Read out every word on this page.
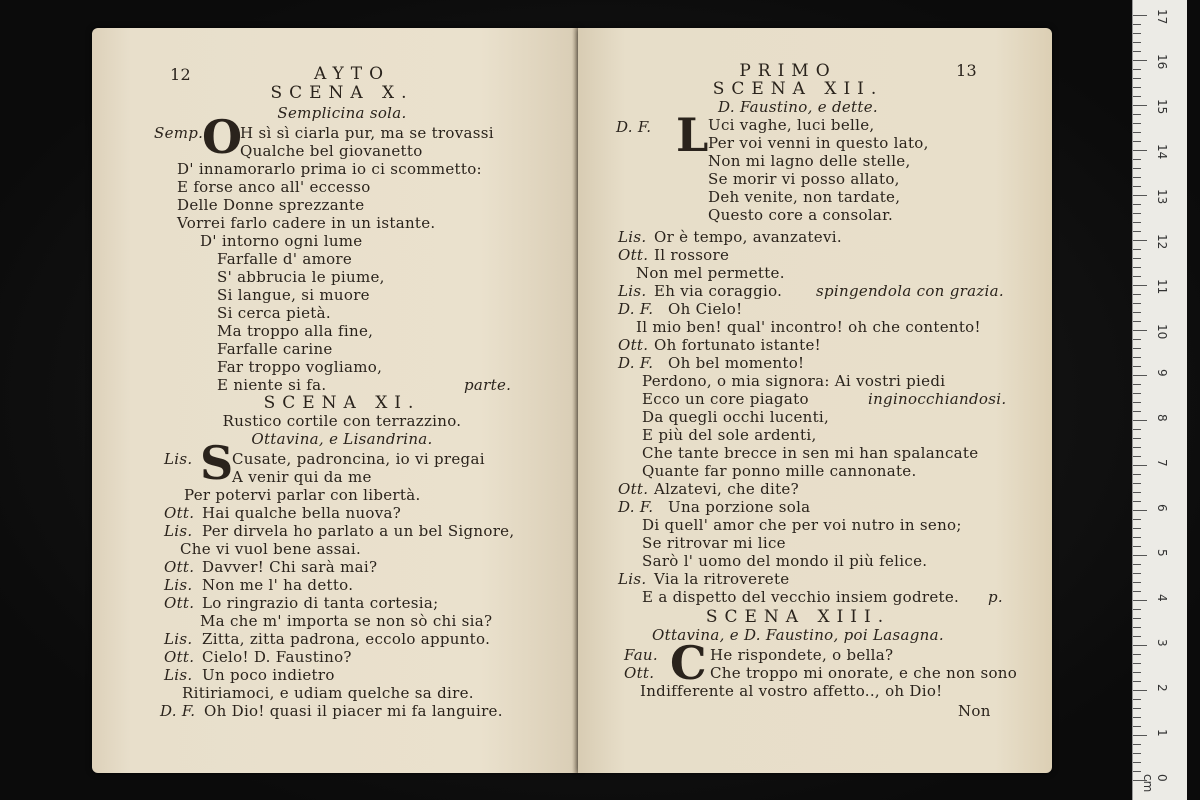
12	AYTO
SCENA X.
Semplicina sola.
Semp.
O
H sì sì ciarla pur, ma se trovassi
Qualche bel giovanetto
D' innamorarlo prima io ci scommetto:
E forse anco all' eccesso
Delle Donne sprezzante
Vorrei farlo cadere in un istante.
D' intorno ogni lume
Farfalle d' amore
S' abbrucia le piume,
Si langue, si muore
Si cerca pietà.
Ma troppo alla fine,
Farfalle carine
Far troppo vogliamo,
E niente si fa.	parte.
SCENA XI.
Rustico cortile con terrazzino.
Ottavina, e Lisandrina.
S
Lis.	Cusate, padroncina, io vi pregai
A venir qui da me
Per potervi parlar con libertà.
Ott. Hai qualche bella nuova?
Lis. Per dirvela ho parlato a un bel Signore,
Che vi vuol bene assai.
Ott. Davver! Chi sarà mai?
Lis. Non me l' ha detto.
Ott. Lo ringrazio di tanta cortesia;
Ma che m' importa se non sò chi sia?
Lis. Zitta, zitta padrona, eccolo appunto.
Ott. Cielo! D. Faustino?
Lis. Un poco indietro
Ritiriamoci, e udiam quelche sa dire.
D. F. Oh Dio! quasi il piacer mi fa languire.
PRIMO	13
SCENA XII.
D. Faustino, e dette.
D. F. L Uci vaghe, luci belle,
Per voi venni in questo lato,
Non mi lagno delle stelle,
Se morir vi posso allato,
Deh venite, non tardate,
Questo core a consolar.
Lis. Or è tempo, avanzatevi.
Ott. Il rossore
Non mel permette.
Lis. Eh via coraggio. spingendola con grazia.
D. F. Oh Cielo!
Il mio ben! qual' incontro! oh che contento!
Ott. Oh fortunato istante!
D. F. Oh bel momento!
Perdono, o mia signora: Ai vostri piedi
Ecco un core piagato	inginocchiandosi.
Da quegli occhi lucenti,
E più del sole ardenti,
Che tante brecce in sen mi han spalancate
Quante far ponno mille cannonate.
Ott. Alzatevi, che dite?
D. F. Una porzione sola
Di quell' amor che per voi nutro in seno;
Se ritrovar mi lice
Sarò l' uomo del mondo il più felice.
Lis. Via la ritroverete
E a dispetto del vecchio insiem godrete. p.
SCENA XIII.
Ottavina, e D. Faustino, poi Lasagna.
C
Fau.	He rispondete, o bella?
Ott.	Che troppo mi onorate, e che non sono
Indifferente al vostro affetto.., oh Dio!
Non
0 cm
1
2
3
4
5
6
7
8
9
10
11
12
13
14
15
16
17
